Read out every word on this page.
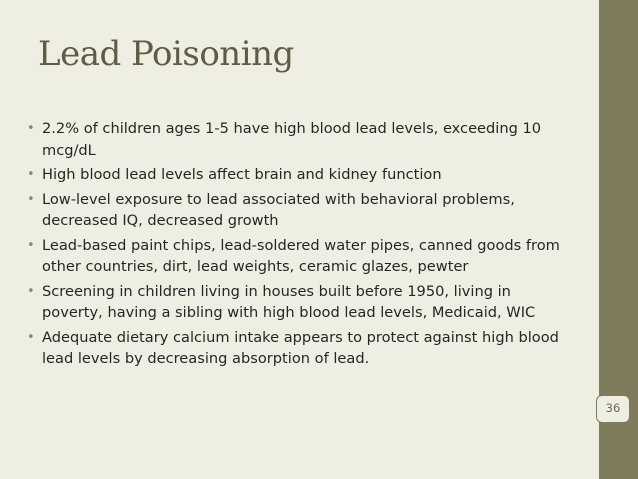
Lead Poisoning
• 2.2% of children ages 1-5 have high blood lead levels, exceeding 10 mcg/dL
• High blood lead levels affect brain and kidney function
• Low-level exposure to lead associated with behavioral problems, decreased IQ, decreased growth
• Lead-based paint chips, lead-soldered water pipes, canned goods from other countries, dirt, lead weights, ceramic glazes, pewter
• Screening in children living in houses built before 1950, living in poverty, having a sibling with high blood lead levels, Medicaid, WIC
• Adequate dietary calcium intake appears to protect against high blood lead levels by decreasing absorption of lead.
36
